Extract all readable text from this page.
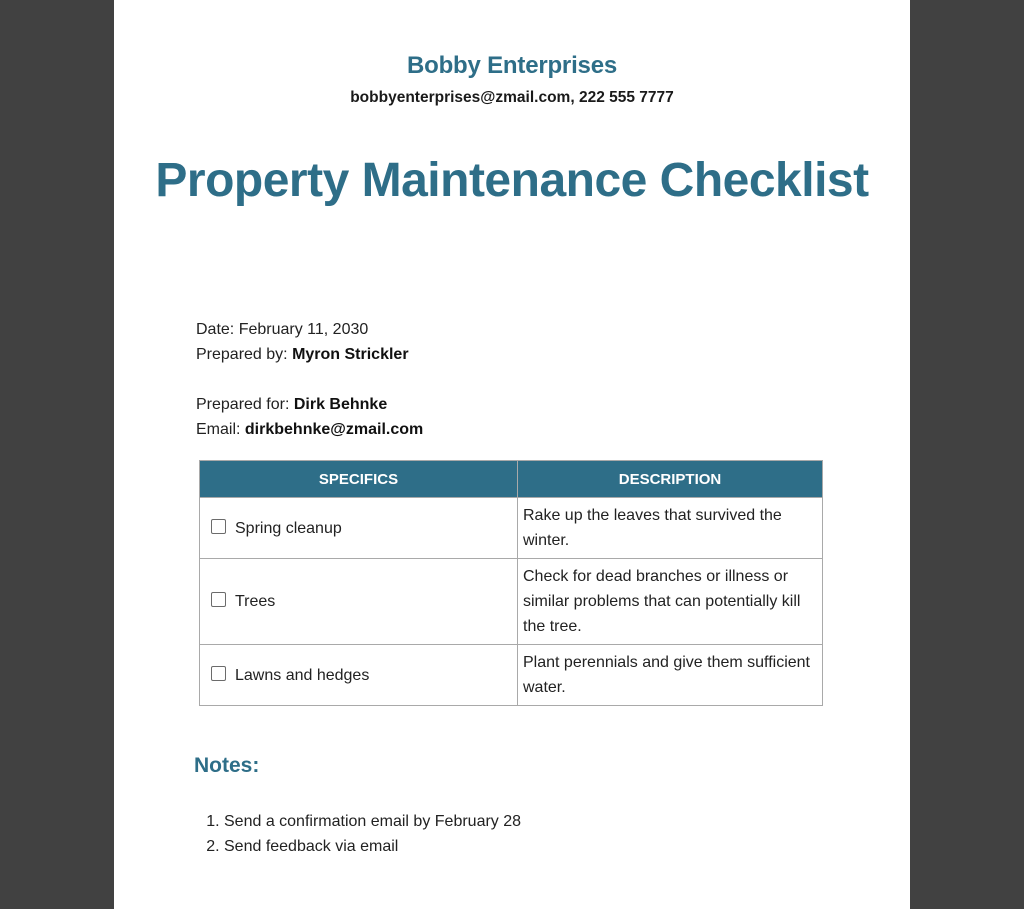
Bobby Enterprises
bobbyenterprises@zmail.com, 222 555 7777
Property Maintenance Checklist
Date: February 11, 2030
Prepared by: Myron Strickler
Prepared for: Dirk Behnke
Email: dirkbehnke@zmail.com
SPECIFICS	DESCRIPTION
Spring cleanup	Rake up the leaves that survived the winter.
Trees	Check for dead branches or illness or similar problems that can potentially kill the tree.
Lawns and hedges	Plant perennials and give them sufficient water.
Notes:
1. Send a confirmation email by February 28
2. Send feedback via email
